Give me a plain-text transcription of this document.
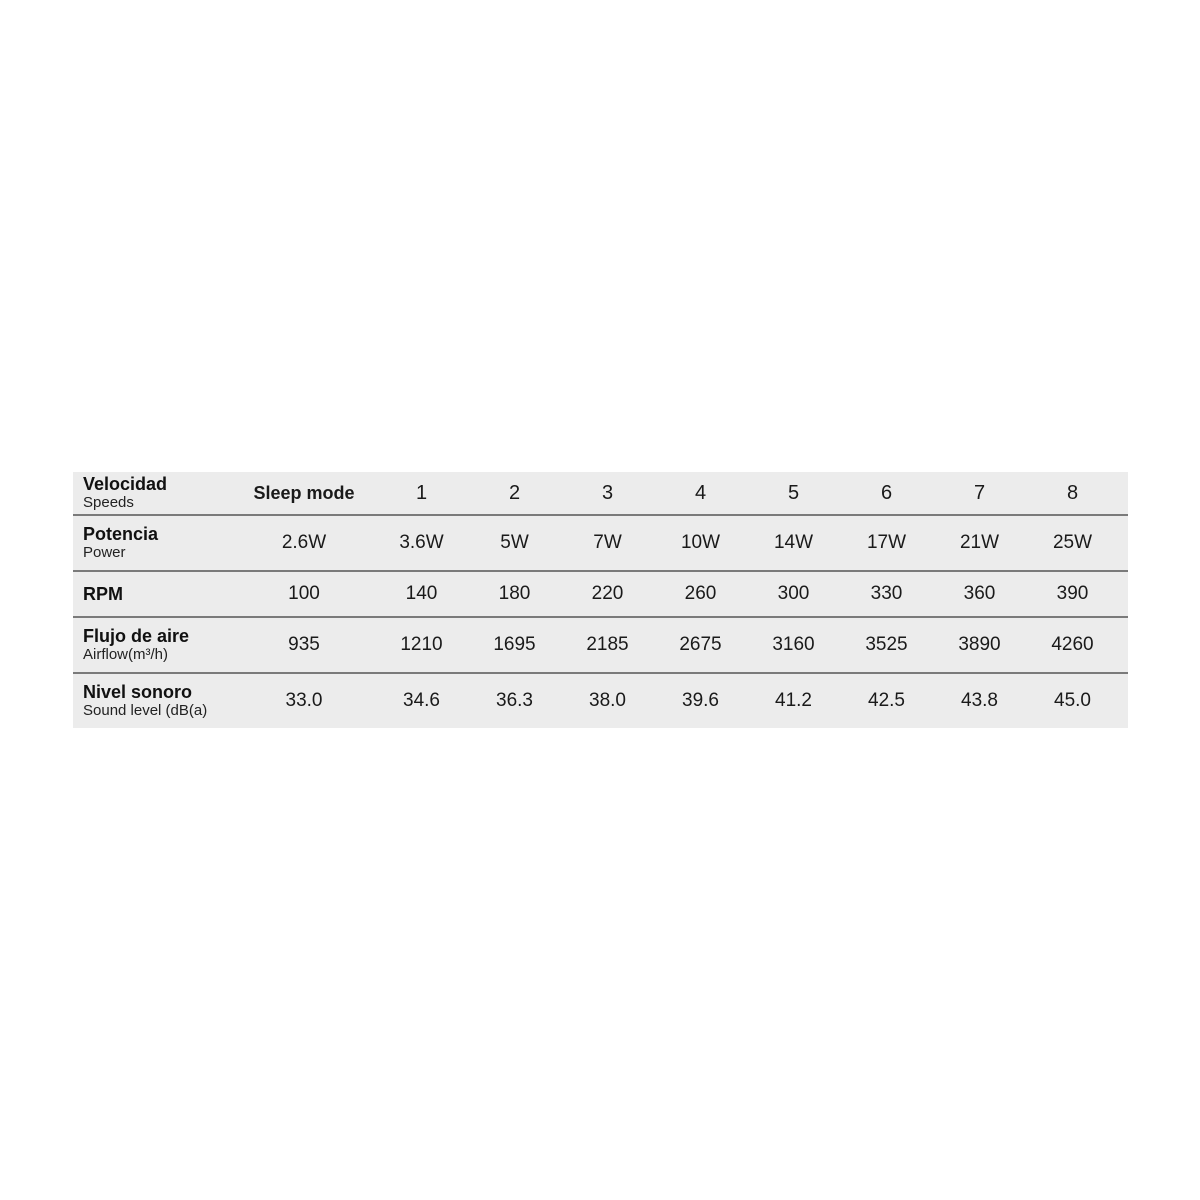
Velocidad
Speeds
Sleep mode	1	2	3	4	5	6	7	8
Potencia
Power	2.6W	3.6W	5W	7W	10W	14W	17W	21W	25W
RPM	100	140	180	220	260	300	330	360	390
Flujo de aire
Airflow(m³/h)	935	1210	1695	2185	2675	3160	3525	3890	4260
Nivel sonoro
Sound level (dB(a)	33.0	34.6	36.3	38.0	39.6	41.2	42.5	43.8	45.0
